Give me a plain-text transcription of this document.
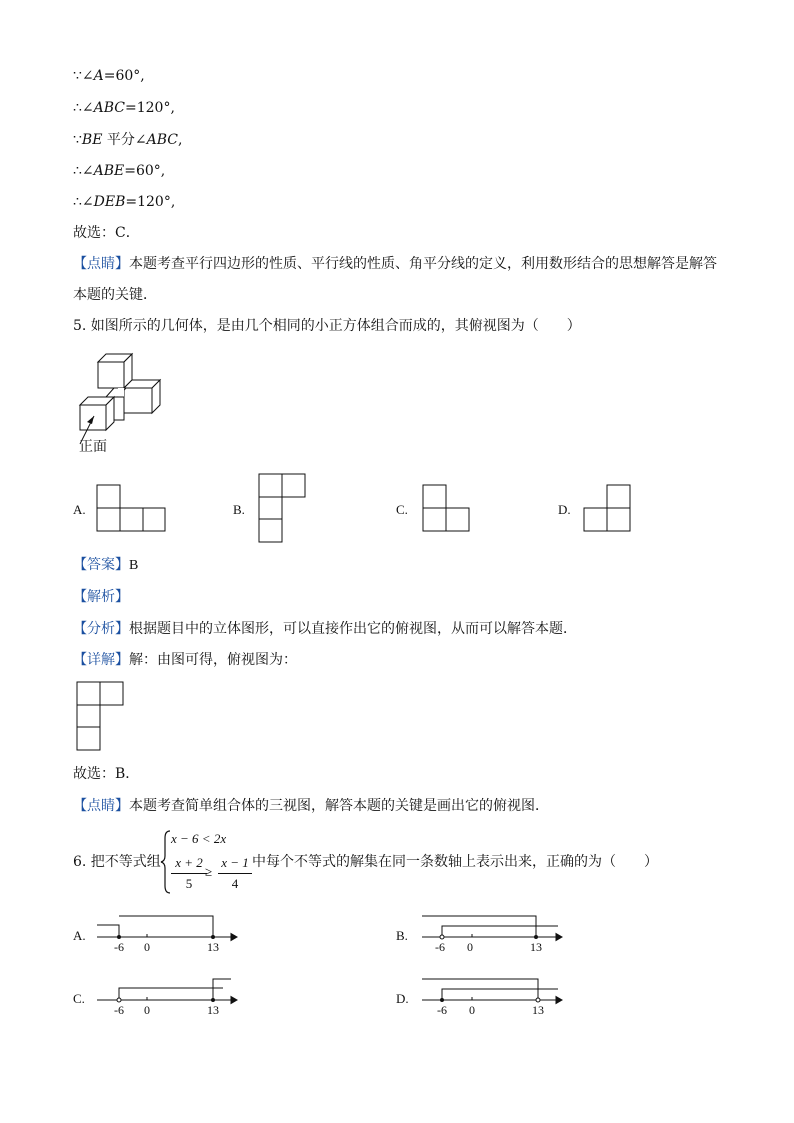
∵∠A=60°,
∴∠ABC=120°,
∵BE 平分∠ABC,
∴∠ABE=60°,
∴∠DEB=120°,
故选：C．
【点睛】本题考查平行四边形的性质、平行线的性质、角平分线的定义，利用数形结合的思想解答是解答
本题的关键．
5. 如图所示的几何体，是由几个相同的小正方体组合而成的，其俯视图为（　　）
正面
A.	B.	C.	D.
【答案】B
【解析】
【分析】根据题目中的立体图形，可以直接作出它的俯视图，从而可以解答本题．
【详解】解：由图可得，俯视图为：
故选：B．
【点睛】本题考查简单组合体的三视图，解答本题的关键是画出它的俯视图．
6. 把不等式组
x − 6 < 2x
x + 2
5
≥
x − 1
4
中每个不等式的解集在同一条数轴上表示出来，正确的为（　　）
A.
-6 0	13
B.
-6 0	13
C.
-6 0	13
D.
-6 0	13
